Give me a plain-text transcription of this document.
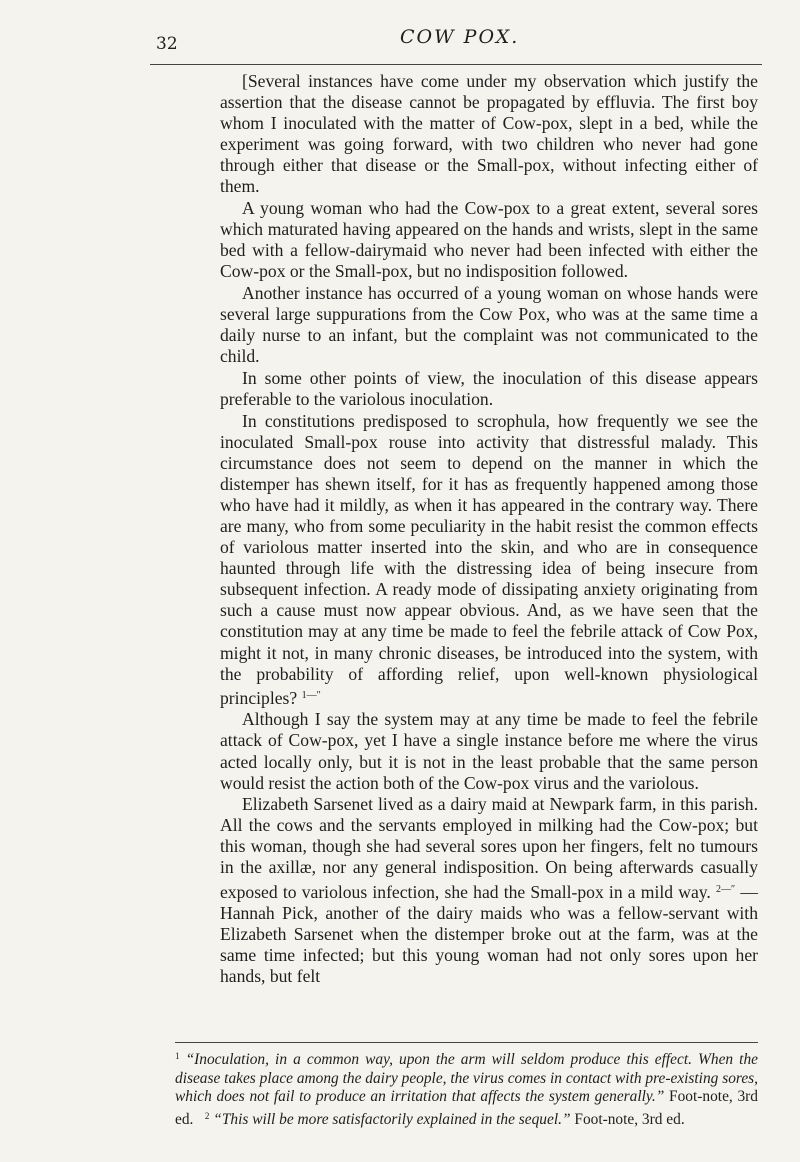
32	COW POX.

[Several instances have come under my observation which justify the assertion that the disease cannot be propagated by effluvia. The first boy whom I inoculated with the matter of Cow-pox, slept in a bed, while the experiment was going forward, with two children who never had gone through either that disease or the Small-pox, without infecting either of them.

A young woman who had the Cow-pox to a great extent, several sores which maturated having appeared on the hands and wrists, slept in the same bed with a fellow-dairymaid who never had been infected with either the Cow-pox or the Small-pox, but no indisposition followed.

Another instance has occurred of a young woman on whose hands were several large suppurations from the Cow Pox, who was at the same time a daily nurse to an infant, but the complaint was not communicated to the child.

In some other points of view, the inoculation of this disease appears preferable to the variolous inoculation.

In constitutions predisposed to scrophula, how frequently we see the inoculated Small-pox rouse into activity that distressful malady. This circumstance does not seem to depend on the manner in which the distemper has shewn itself, for it has as frequently happened among those who have had it mildly, as when it has appeared in the contrary way. There are many, who from some peculiarity in the habit resist the common effects of variolous matter inserted into the skin, and who are in consequence haunted through life with the distressing idea of being insecure from subsequent infection. A ready mode of dissipating anxiety originating from such a cause must now appear obvious. And, as we have seen that the constitution may at any time be made to feel the febrile attack of Cow Pox, might it not, in many chronic diseases, be introduced into the system, with the probability of affording relief, upon well-known physiological principles? $^{1—''}$

Although I say the system may at any time be made to feel the febrile attack of Cow-pox, yet I have a single instance before me where the virus acted locally only, but it is not in the least probable that the same person would resist the action both of the Cow-pox virus and the variolous.

Elizabeth Sarsenet lived as a dairy maid at Newpark farm, in this parish. All the cows and the servants employed in milking had the Cow-pox; but this woman, though she had several sores upon her fingers, felt no tumours in the axillæ, nor any general indisposition. On being afterwards casually exposed to variolous infection, she had the Small-pox in a mild way. $^{2—''}$ —Hannah Pick, another of the dairy maids who was a fellow-servant with Elizabeth Sarsenet when the distemper broke out at the farm, was at the same time infected; but this young woman had not only sores upon her hands, but felt

$^1$ “Inoculation, in a common way, upon the arm will seldom produce this effect. When the disease takes place among the dairy people, the virus comes in contact with pre-existing sores, which does not fail to produce an irritation that affects the system generally.” Foot-note, 3rd ed. $^2$ “This will be more satisfactorily explained in the sequel.” Foot-note, 3rd ed.
